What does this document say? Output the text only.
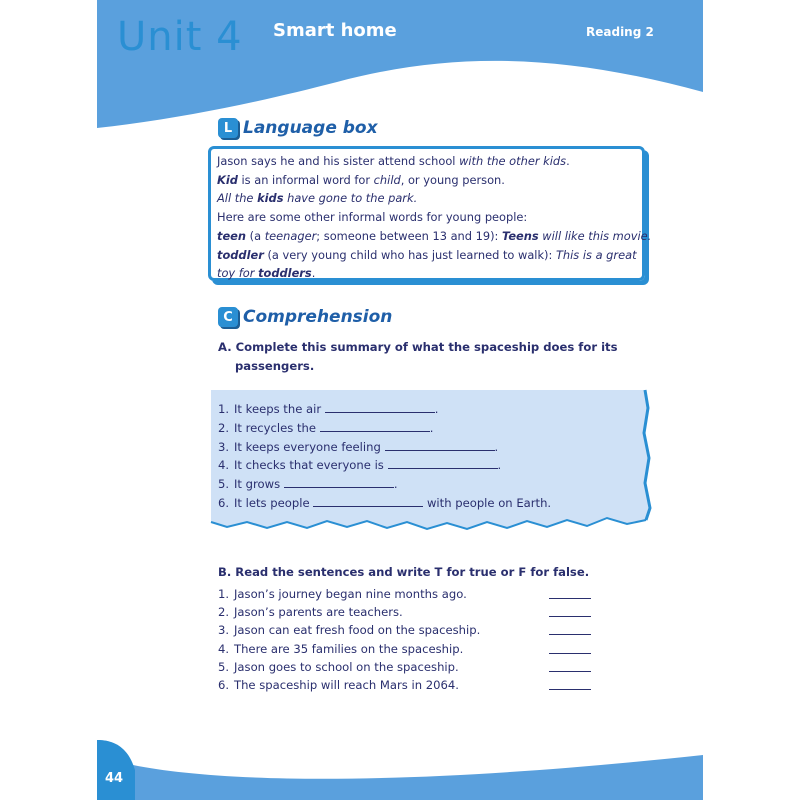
Unit 4 Smart home	Reading 2
L Language box
Jason says he and his sister attend school with the other kids.
Kid is an informal word for child, or young person.
All the kids have gone to the park.
Here are some other informal words for young people:
teen (a teenager; someone between 13 and 19): Teens will like this movie.
toddler (a very young child who has just learned to walk): This is a great
toy for toddlers.
C Comprehension
A. Complete this summary of what the spaceship does for its
passengers.
1. It keeps the air	.
2. It recycles the	.
3. It keeps everyone feeling	.
4. It checks that everyone is	.
5. It grows	.
6. It lets people	with people on Earth.
B. Read the sentences and write T for true or F for false.
1. Jason’s journey began nine months ago.
2. Jason’s parents are teachers.
3. Jason can eat fresh food on the spaceship.
4. There are 35 families on the spaceship.
5. Jason goes to school on the spaceship.
6. The spaceship will reach Mars in 2064.
44
